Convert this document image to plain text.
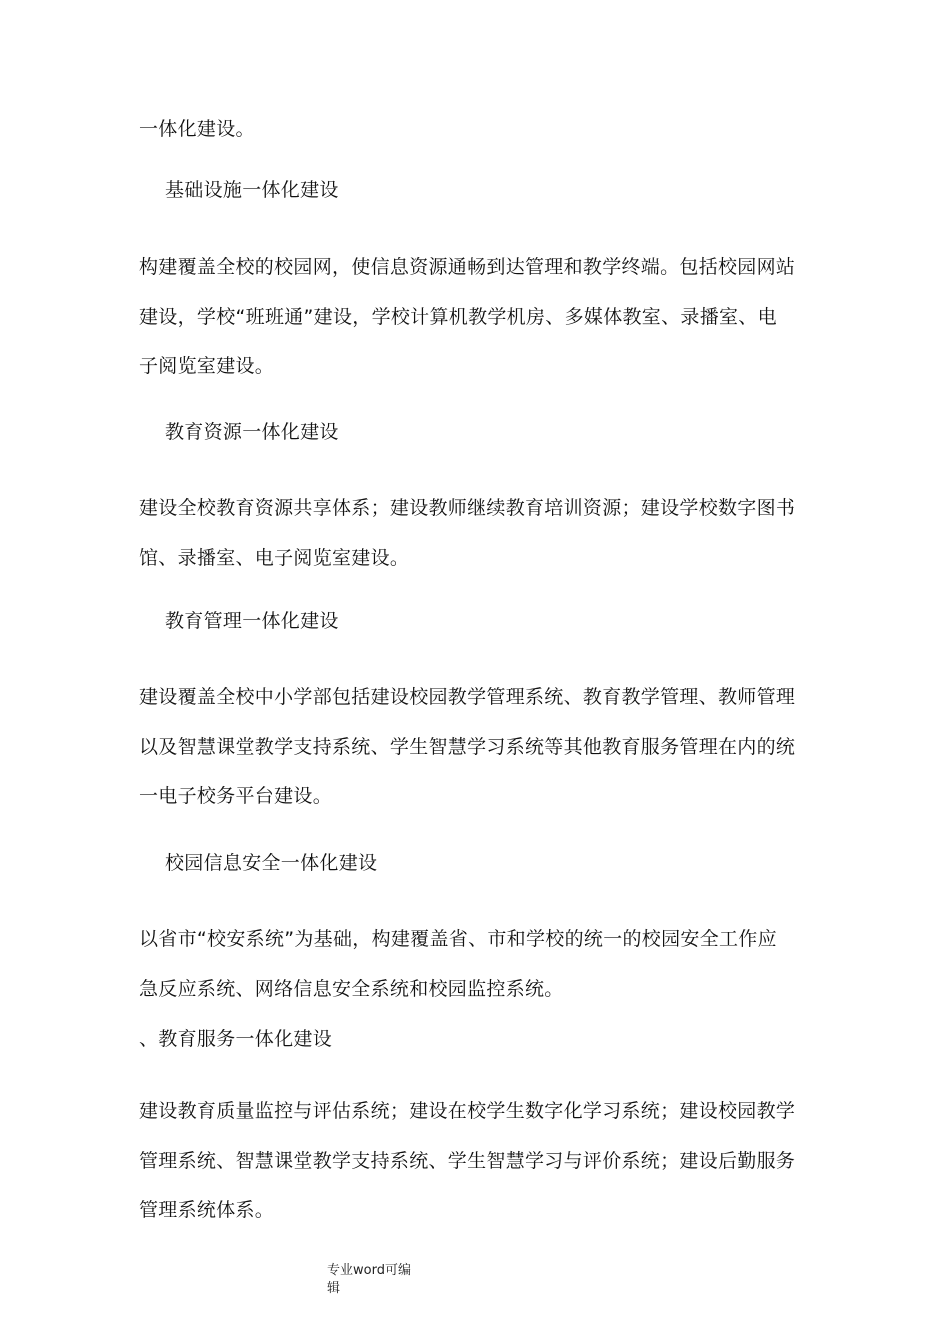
一体化建设。
基础设施一体化建设
构建覆盖全校的校园网，使信息资源通畅到达管理和教学终端。包括校园网站
建设，学校“班班通”建设，学校计算机教学机房、多媒体教室、录播室、电
子阅览室建设。
教育资源一体化建设
建设全校教育资源共享体系；建设教师继续教育培训资源；建设学校数字图书
馆、录播室、电子阅览室建设。
教育管理一体化建设
建设覆盖全校中小学部包括建设校园教学管理系统、教育教学管理、教师管理
以及智慧课堂教学支持系统、学生智慧学习系统等其他教育服务管理在内的统
一电子校务平台建设。
校园信息安全一体化建设
以省市“校安系统”为基础，构建覆盖省、市和学校的统一的校园安全工作应
急反应系统、网络信息安全系统和校园监控系统。
、教育服务一体化建设
建设教育质量监控与评估系统；建设在校学生数字化学习系统；建设校园教学
管理系统、智慧课堂教学支持系统、学生智慧学习与评价系统；建设后勤服务
管理系统体系。
专业word可编
辑
